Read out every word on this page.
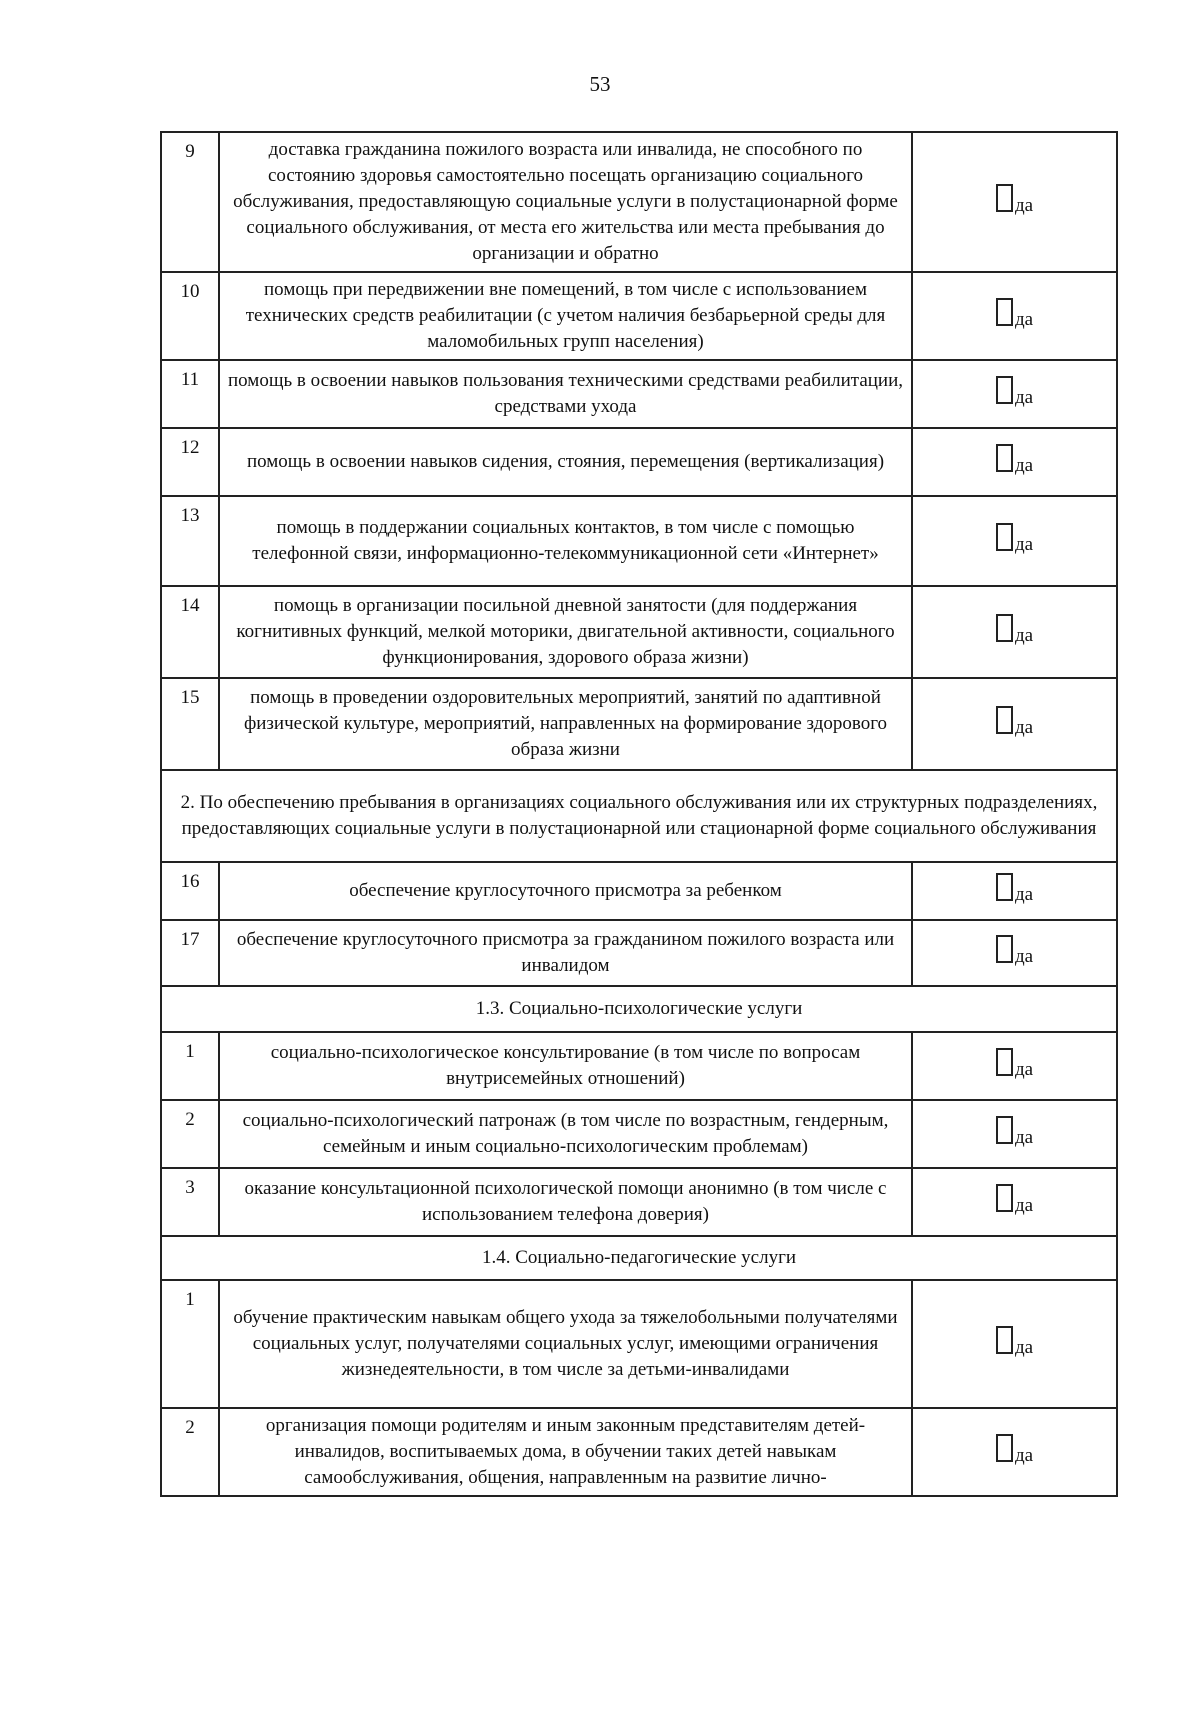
53
9	доставка гражданина пожилого возраста или инвалида, не способного по состоянию здоровья самостоятельно посещать организацию социального обслуживания, предоставляющую социальные услуги в полустационарной форме социального обслуживания, от места его жительства или места пребывания до организации и обратно	да

10	помощь при передвижении вне помещений, в том числе с использованием технических средств реабилитации (с учетом наличия безбарьерной среды для маломобильных групп населения)	да

11	помощь в освоении навыков пользования техническими средствами реабилитации, средствами ухода	да

12	помощь в освоении навыков сидения, стояния, перемещения (вертикализация)	да

13	помощь в поддержании социальных контактов, в том числе с помощью телефонной связи, информационно-телекоммуникационной сети «Интернет»	да

14	помощь в организации посильной дневной занятости (для поддержания когнитивных функций, мелкой моторики, двигательной активности, социального функционирования, здорового образа жизни)	да

15	помощь в проведении оздоровительных мероприятий, занятий по адаптивной физической культуре, мероприятий, направленных на формирование здорового образа жизни	да

2. По обеспечению пребывания в организациях социального обслуживания или их структурных подразделениях, предоставляющих социальные услуги в полустационарной или стационарной форме социального обслуживания		
16	обеспечение круглосуточного присмотра за ребенком	да

17	обеспечение круглосуточного присмотра за гражданином пожилого возраста или инвалидом	да

1.3. Социально-психологические услуги		
1	социально-психологическое консультирование (в том числе по вопросам внутрисемейных отношений)	да

2	социально-психологический патронаж (в том числе по возрастным, гендерным, семейным и иным социально-психологическим проблемам)	да

3	оказание консультационной психологической помощи анонимно (в том числе с использованием телефона доверия)	да

1.4. Социально-педагогические услуги		
1	обучение практическим навыкам общего ухода за тяжелобольными получателями социальных услуг, получателями социальных услуг, имеющими ограничения жизнедеятельности, в том числе за детьми-инвалидами	да

2	организация помощи родителям и иным законным представителям детей-инвалидов, воспитываемых дома, в обучении таких детей навыкам самообслуживания, общения, направленным на развитие лично-	да
